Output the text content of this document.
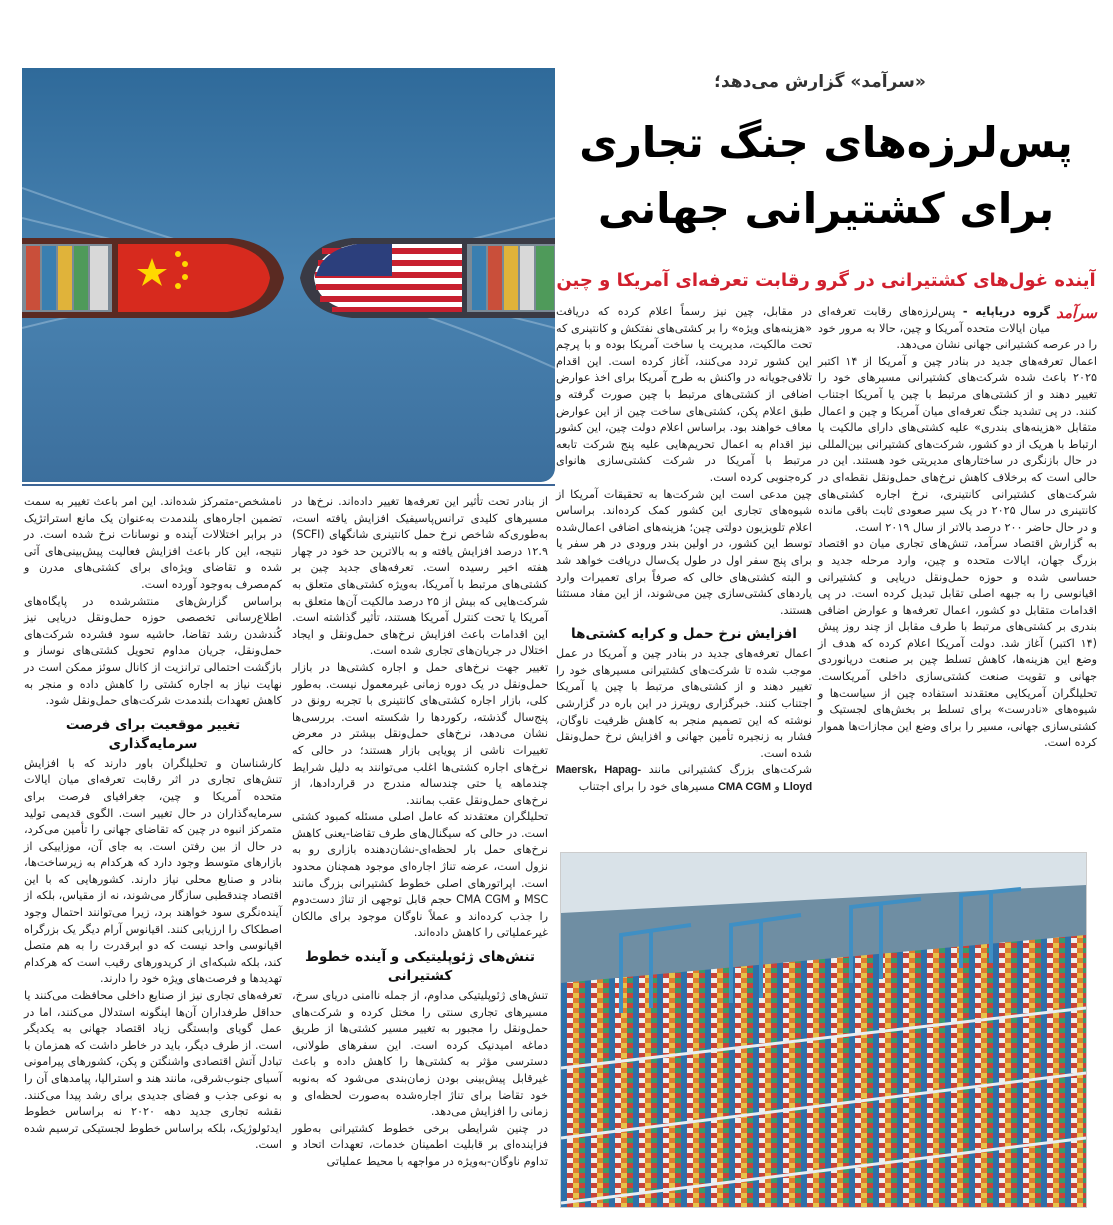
«سرآمد» گزارش می‌دهد؛
پس‌لرزه‌های جنگ تجاری
برای کشتیرانی جهانی
آینده غول‌های کشتیرانی در گرو رقابت تعرفه‌ای آمریکا و چین

سرآمد
گروه دریاپایه - پس‌لرزه‌های رقابت تعرفه‌ای میان ایالات متحده آمریکا و چین، حالا به مرور خود را در عرصه کشتیرانی جهانی نشان می‌دهد.

اعمال تعرفه‌های جدید در بنادر چین و آمریکا از ۱۴ اکتبر ۲۰۲۵ باعث شده شرکت‌های کشتیرانی مسیرهای خود را تغییر دهند و از کشتی‌های مرتبط با چین یا آمریکا اجتناب کنند. در پی تشدید جنگ تعرفه‌ای میان آمریکا و چین و اعمال متقابل «هزینه‌های بندری» علیه کشتی‌های دارای مالکیت یا ارتباط با هریک از دو کشور، شرکت‌های کشتیرانی بین‌المللی در حال بازنگری در ساختارهای مدیریتی خود هستند. این در حالی است که برخلاف کاهش نرخ‌های حمل‌ونقل نقطه‌ای در شرکت‌های کشتیرانی کانتینری، نرخ اجاره کشتی‌های کانتینری در سال ۲۰۲۵ در یک سیر صعودی ثابت باقی مانده و در حال حاضر ۲۰۰ درصد بالاتر از سال ۲۰۱۹ است.

به گزارش اقتصاد سرآمد، تنش‌های تجاری میان دو اقتصاد بزرگ جهان، ایالات متحده و چین، وارد مرحله جدید و حساسی شده و حوزه حمل‌ونقل دریایی و کشتیرانی اقیانوسی را به جبهه اصلی تقابل تبدیل کرده است. در پی اقدامات متقابل دو کشور، اعمال تعرفه‌ها و عوارض اضافی بندری بر کشتی‌های مرتبط با طرف مقابل از چند روز پیش (۱۴ اکتبر) آغاز شد. دولت آمریکا اعلام کرده که هدف از وضع این هزینه‌ها، کاهش تسلط چین بر صنعت دریانوردی جهانی و تقویت صنعت کشتی‌سازی داخلی آمریکاست. تحلیلگران آمریکایی معتقدند استفاده چین از سیاست‌ها و شیوه‌های «نادرست» برای تسلط بر بخش‌های لجستیک و کشتی‌سازی جهانی، مسیر را برای وضع این مجازات‌ها هموار کرده است.

در مقابل، چین نیز رسماً اعلام کرده که دریافت «هزینه‌های ویژه» را بر کشتی‌های نفتکش و کانتینری که تحت مالکیت، مدیریت یا ساخت آمریکا بوده و با پرچم این کشور تردد می‌کنند، آغاز کرده است. این اقدام تلافی‌جویانه در واکنش به طرح آمریکا برای اخذ عوارض اضافی از کشتی‌های مرتبط با چین صورت گرفته و طبق اعلام پکن، کشتی‌های ساخت چین از این عوارض معاف خواهند بود. براساس اعلام دولت چین، این کشور نیز اقدام به اعمال تحریم‌هایی علیه پنج شرکت تابعه مرتبط با آمریکا در شرکت کشتی‌سازی هانوای کره‌جنوبی کرده است.

چین مدعی است این شرکت‌ها به تحقیقات آمریکا از شیوه‌های تجاری این کشور کمک کرده‌اند. براساس اعلام تلویزیون دولتی چین؛ هزینه‌های اضافی اعمال‌شده توسط این کشور، در اولین بندر ورودی در هر سفر یا برای پنج سفر اول در طول یک‌سال دریافت خواهد شد و البته کشتی‌های خالی که صرفاً برای تعمیرات وارد یاردهای کشتی‌سازی چین می‌شوند، از این مفاد مستثنا هستند.

افزایش نرخ حمل و کرایه کشتی‌ها

اعمال تعرفه‌های جدید در بنادر چین و آمریکا در عمل موجب شده تا شرکت‌های کشتیرانی مسیرهای خود را تغییر دهند و از کشتی‌های مرتبط با چین یا آمریکا اجتناب کنند. خبرگزاری رویترز در این باره در گزارشی نوشته که این تصمیم منجر به کاهش ظرفیت ناوگان، فشار به زنجیره تأمین جهانی و افزایش نرخ حمل‌ونقل شده است.

شرکت‌های بزرگ کشتیرانی مانند Maersk، Hapag-Lloyd و CMA CGM مسیرهای خود را برای اجتناب

از بنادر تحت تأثیر این تعرفه‌ها تغییر داده‌اند. نرخ‌ها در مسیرهای کلیدی ترانس‌پاسیفیک افزایش یافته است، به‌طوری‌که شاخص نرخ حمل کانتینری شانگهای (SCFI) ۱۲.۹ درصد افزایش یافته و به بالاترین حد خود در چهار هفته اخیر رسیده است. تعرفه‌های جدید چین بر کشتی‌های مرتبط با آمریکا، به‌ویژه کشتی‌های متعلق به شرکت‌هایی که بیش از ۲۵ درصد مالکیت آن‌ها متعلق به آمریکا یا تحت کنترل آمریکا هستند، تأثیر گذاشته است. این اقدامات باعث افزایش نرخ‌های حمل‌ونقل و ایجاد اختلال در جریان‌های تجاری شده است.

تغییر جهت نرخ‌های حمل و اجاره کشتی‌ها در بازار حمل‌ونقل در یک دوره زمانی غیرمعمول نیست. به‌طور کلی، بازار اجاره کشتی‌های کانتینری با تجربه رونق در پنج‌سال گذشته، رکوردها را شکسته است. بررسی‌ها نشان می‌دهد، نرخ‌های حمل‌ونقل بیشتر در معرض تغییرات ناشی از پویایی بازار هستند؛ در حالی که نرخ‌های اجاره کشتی‌ها اغلب می‌توانند به دلیل شرایط چندماهه یا حتی چندساله مندرج در قراردادها، از نرخ‌های حمل‌ونقل عقب بمانند.

تحلیلگران معتقدند که عامل اصلی مسئله کمبود کشتی است. در حالی که سیگنال‌های طرف تقاضا-یعنی کاهش نرخ‌های حمل بار لحظه‌ای-نشان‌دهنده بازاری رو به نزول است، عرضه تناژ اجاره‌ای موجود همچنان محدود است. اپراتورهای اصلی خطوط کشتیرانی بزرگ مانند MSC و CMA CGM حجم قابل توجهی از تناژ دست‌دوم را جذب کرده‌اند و عملاً ناوگان موجود برای مالکان غیرعملیاتی را کاهش داده‌اند.

تنش‌های ژئوپلیتیکی و آینده خطوط کشتیرانی

تنش‌های ژئوپلیتیکی مداوم، از جمله ناامنی دریای سرخ، مسیرهای تجاری سنتی را مختل کرده و شرکت‌های حمل‌ونقل را مجبور به تغییر مسیر کشتی‌ها از طریق دماغه امیدنیک کرده است. این سفرهای طولانی، دسترسی مؤثر به کشتی‌ها را کاهش داده و باعث غیرقابل پیش‌بینی بودن زمان‌بندی می‌شود که به‌نوبه خود تقاضا برای تناژ اجاره‌شده به‌صورت لحظه‌ای و زمانی را افزایش می‌دهد.

در چنین شرایطی برخی خطوط کشتیرانی به‌طور فزاینده‌ای بر قابلیت اطمینان خدمات، تعهدات اتحاد و تداوم ناوگان-به‌ویژه در مواجهه با محیط عملیاتی

نامشخص-متمرکز شده‌اند. این امر باعث تغییر به سمت تضمین اجاره‌های بلندمدت به‌عنوان یک مانع استراتژیک در برابر اختلالات آینده و نوسانات نرخ شده است. در نتیجه، این کار باعث افزایش فعالیت پیش‌بینی‌های آتی شده و تقاضای ویژه‌ای برای کشتی‌های مدرن و کم‌مصرف به‌وجود آورده است.

براساس گزارش‌های منتشرشده در پایگاه‌های اطلاع‌رسانی تخصصی حوزه حمل‌ونقل دریایی نیز کُندشدن رشد تقاضا، حاشیه سود فشرده شرکت‌های حمل‌ونقل، جریان مداوم تحویل کشتی‌های نوساز و بازگشت احتمالی ترانزیت از کانال سوئز ممکن است در نهایت نیاز به اجاره کشتی را کاهش داده و منجر به کاهش تعهدات بلندمدت شرکت‌های حمل‌ونقل شود.

تغییر موقعیت برای فرصت سرمایه‌گذاری

کارشناسان و تحلیلگران باور دارند که با افزایش تنش‌های تجاری در اثر رقابت تعرفه‌ای میان ایالات متحده آمریکا و چین، جغرافیای فرصت برای سرمایه‌گذاران در حال تغییر است. الگوی قدیمی تولید متمرکز انبوه در چین که تقاضای جهانی را تأمین می‌کرد، در حال از بین رفتن است. به جای آن، موزاییکی از بازارهای متوسط وجود دارد که هرکدام به زیرساخت‌ها، بنادر و صنایع محلی نیاز دارند. کشورهایی که با این اقتصاد چندقطبی سازگار می‌شوند، نه از مقیاس، بلکه از آینده‌نگری سود خواهند برد، زیرا می‌توانند احتمال وجود اصطکاک را ارزیابی کنند. اقیانوس آرام دیگر یک بزرگراه اقیانوسی واحد نیست که دو ابرقدرت را به هم متصل کند، بلکه شبکه‌ای از کریدورهای رقیب است که هرکدام تهدیدها و فرصت‌های ویژه خود را دارند.

تعرفه‌های تجاری نیز از صنایع داخلی محافظت می‌کنند یا حداقل طرفداران آن‌ها اینگونه استدلال می‌کنند، اما در عمل گویای وابستگی زیاد اقتصاد جهانی به یکدیگر است. از طرف دیگر، باید در خاطر داشت که همزمان با تبادل آتش اقتصادی واشنگتن و پکن، کشورهای پیرامونی آسیای جنوب‌شرقی، مانند هند و استرالیا، پیامدهای آن را به نوعی جذب و فضای جدیدی برای رشد پیدا می‌کنند. نقشه تجاری جدید دهه ۲۰۲۰ نه براساس خطوط ایدئولوژیک، بلکه براساس خطوط لجستیکی ترسیم شده است.
